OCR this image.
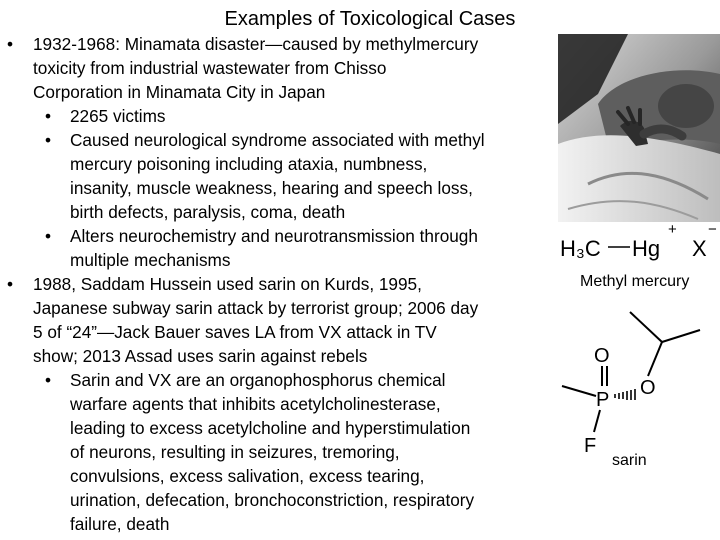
Examples of Toxicological Cases
• 1932-1968: Minamata disaster—caused by methylmercury
toxicity from industrial wastewater from Chisso
Corporation in Minamata City in Japan
• 2265 victims
• Caused neurological syndrome associated with methyl
mercury poisoning including ataxia, numbness,
insanity, muscle weakness, hearing and speech loss,
birth defects, paralysis, coma, death
• Alters neurochemistry and neurotransmission through
multiple mechanisms
• 1988, Saddam Hussein used sarin on Kurds, 1995,
Japanese subway sarin attack by terrorist group; 2006 day
5 of “24”—Jack Bauer saves LA from VX attack in TV
show; 2013 Assad uses sarin against rebels
• Sarin and VX are an organophosphorus chemical
warfare agents that inhibits acetylcholinesterase,
leading to excess acetylcholine and hyperstimulation
of neurons, resulting in seizures, tremoring,
convulsions, excess salivation, excess tearing,
urination, defecation, bronchoconstriction, respiratory
failure, death
H₃C Hg
+
X
−
Methyl mercury
O
P
O
F
sarin
